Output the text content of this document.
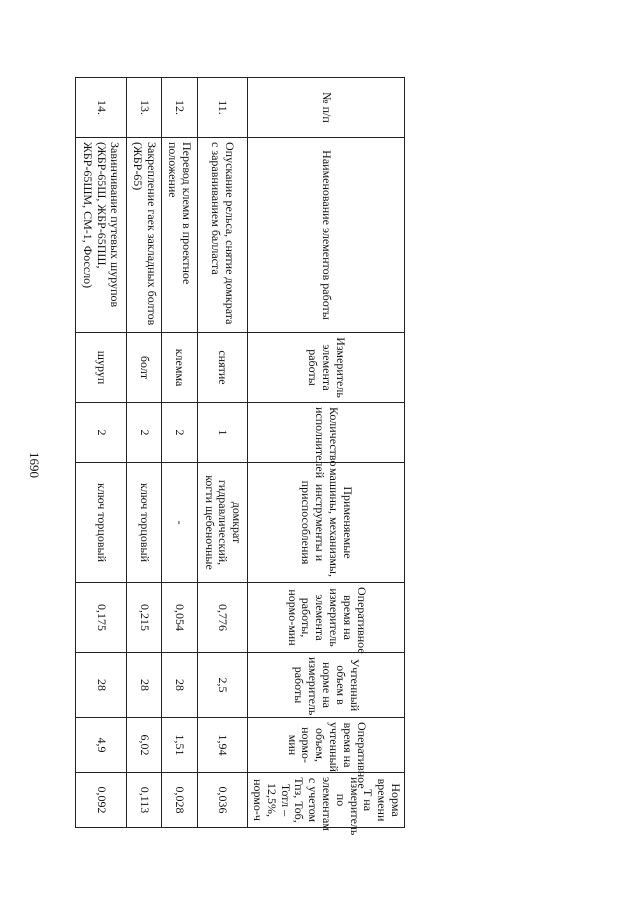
1690
№ п/п	Наименование элементов работы	Измеритель элемента работы	Количество исполнителей	Применяемые машины, механизмы, инструменты и приспособления	Оперативное время на измеритель элемента работы, нормо-мин	Учтенный объем в норме на измеритель работы	Оперативное время на учтенный объем, нормо-мин	Норма времени Т на измеритель по элементам с учетом Тпз, Тоб, Тотл – 12,5%, нормо-ч
11.	Опускание рельса, снятие домкрата с заравниванием балласта	снятие	1	домкрат гидравлический, когти щебеночные	0,776	2,5	1,94	0,036
12.	Перевод клемм в проектное положение	клемма	2	-	0,054	28	1,51	0,028
13.	Закрепление гаек закладных болтов (ЖБР-65)	болт	2	ключ торцовый	0,215	28	6,02	0,113
14.	Завинчивание путевых шурупов (ЖБР-65Ш, ЖБР-65ПШ, ЖБР-65ШМ, СМ-1, Фоссло)	шуруп	2	ключ торцовый	0,175	28	4,9	0,092
